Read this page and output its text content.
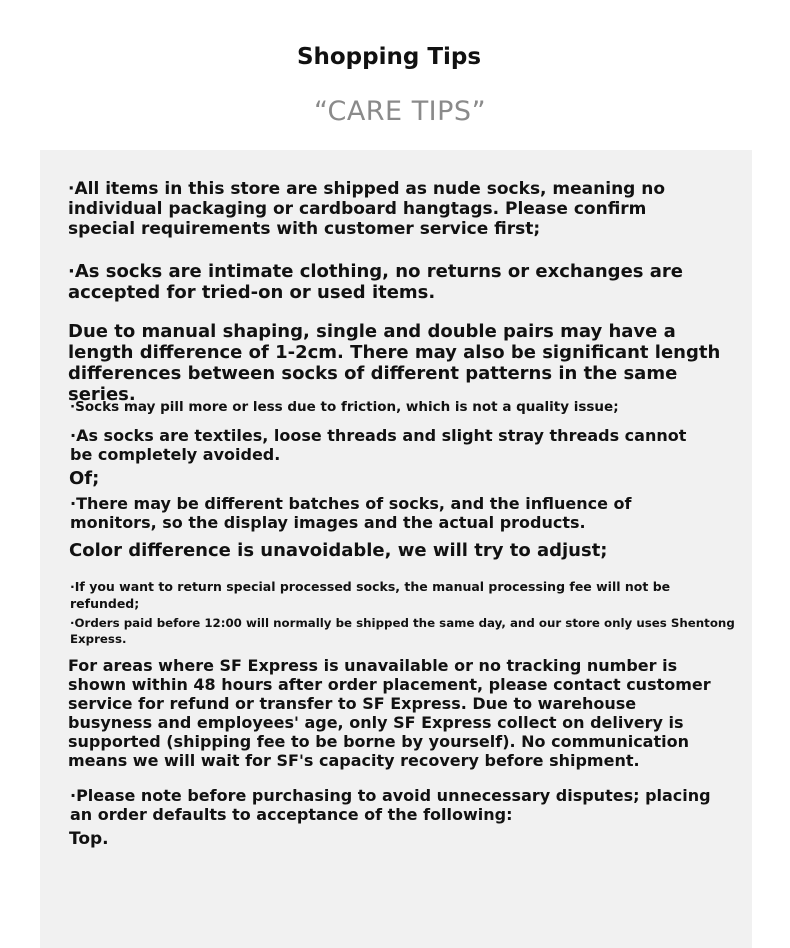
Shopping Tips
“CARE TIPS”

·All items in this store are shipped as nude socks, meaning no individual packaging or cardboard hangtags. Please confirm special requirements with customer service first;

·As socks are intimate clothing, no returns or exchanges are accepted for tried-on or used items.

Due to manual shaping, single and double pairs may have a length difference of 1-2cm. There may also be significant length differences between socks of different patterns in the same series.

·Socks may pill more or less due to friction, which is not a quality issue;

·As socks are textiles, loose threads and slight stray threads cannot be completely avoided.

Of;

·There may be different batches of socks, and the influence of monitors, so the display images and the actual products.

Color difference is unavoidable, we will try to adjust;

·If you want to return special processed socks, the manual processing fee will not be refunded;

·Orders paid before 12:00 will normally be shipped the same day, and our store only uses Shentong Express.

For areas where SF Express is unavailable or no tracking number is shown within 48 hours after order placement, please contact customer service for refund or transfer to SF Express. Due to warehouse busyness and employees' age, only SF Express collect on delivery is supported (shipping fee to be borne by yourself). No communication means we will wait for SF's capacity recovery before shipment.

·Please note before purchasing to avoid unnecessary disputes; placing an order defaults to acceptance of the following:

Top.
